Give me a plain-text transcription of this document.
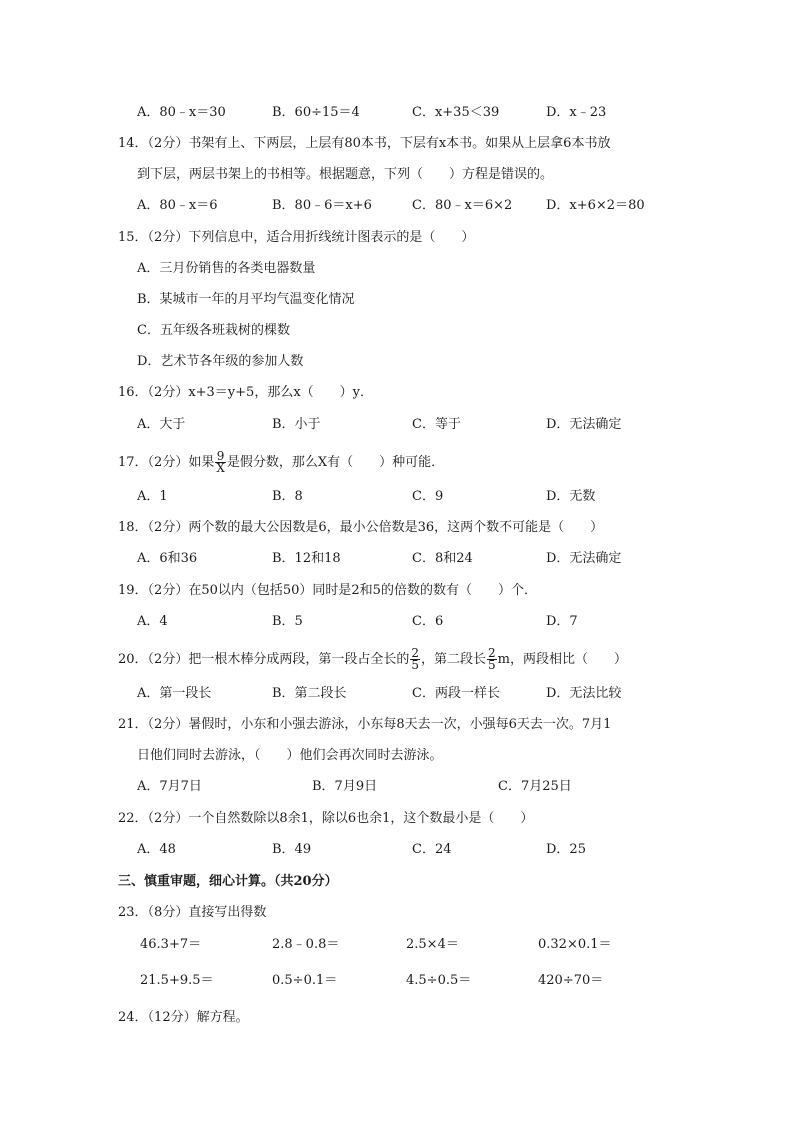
A．80﹣x＝30	B．60÷15＝4	C．x+35＜39	D．x﹣23
14．（2分）书架有上、下两层，上层有80本书，下层有x本书。如果从上层拿6本书放
到下层，两层书架上的书相等。根据题意，下列（　　）方程是错误的。
A．80﹣x＝6	B．80﹣6＝x+6	C．80﹣x＝6×2	D．x+6×2＝80
15．（2分）下列信息中，适合用折线统计图表示的是（　　）
A．三月份销售的各类电器数量
B．某城市一年的月平均气温变化情况
C．五年级各班栽树的棵数
D．艺术节各年级的参加人数
16．（2分）x+3＝y+5，那么x（　　）y．
A．大于	B．小于	C．等于	D．无法确定
17．（2分）如果 $\frac{9}{X}$ 是假分数，那么X有（　　）种可能．
A．1	B．8	C．9	D．无数
18．（2分）两个数的最大公因数是6，最小公倍数是36，这两个数不可能是（　　）
A．6和36	B．12和18	C．8和24	D．无法确定
19．（2分）在50以内（包括50）同时是2和5的倍数的数有（　　）个．
A．4	B．5	C．6	D．7
20．（2分）把一根木棒分成两段，第一段占全长的 $\frac{2}{5}$ ，第二段长 $\frac{2}{5}$ m，两段相比（　　）
A．第一段长	B．第二段长	C．两段一样长	D．无法比较
21．（2分）暑假时，小东和小强去游泳，小东每8天去一次，小强每6天去一次。7月1
日他们同时去游泳，（　　）他们会再次同时去游泳。
A．7月7日	B．7月9日	C．7月25日
22．（2分）一个自然数除以8余1，除以6也余1，这个数最小是（　　）
A．48	B．49	C．24	D．25
三、慎重审题，细心计算。（共20分）
23．（8分）直接写出得数
46.3+7＝	2.8﹣0.8＝	2.5×4＝	0.32×0.1＝
21.5+9.5＝	0.5÷0.1＝	4.5÷0.5＝	420÷70＝
24．（12分）解方程。
